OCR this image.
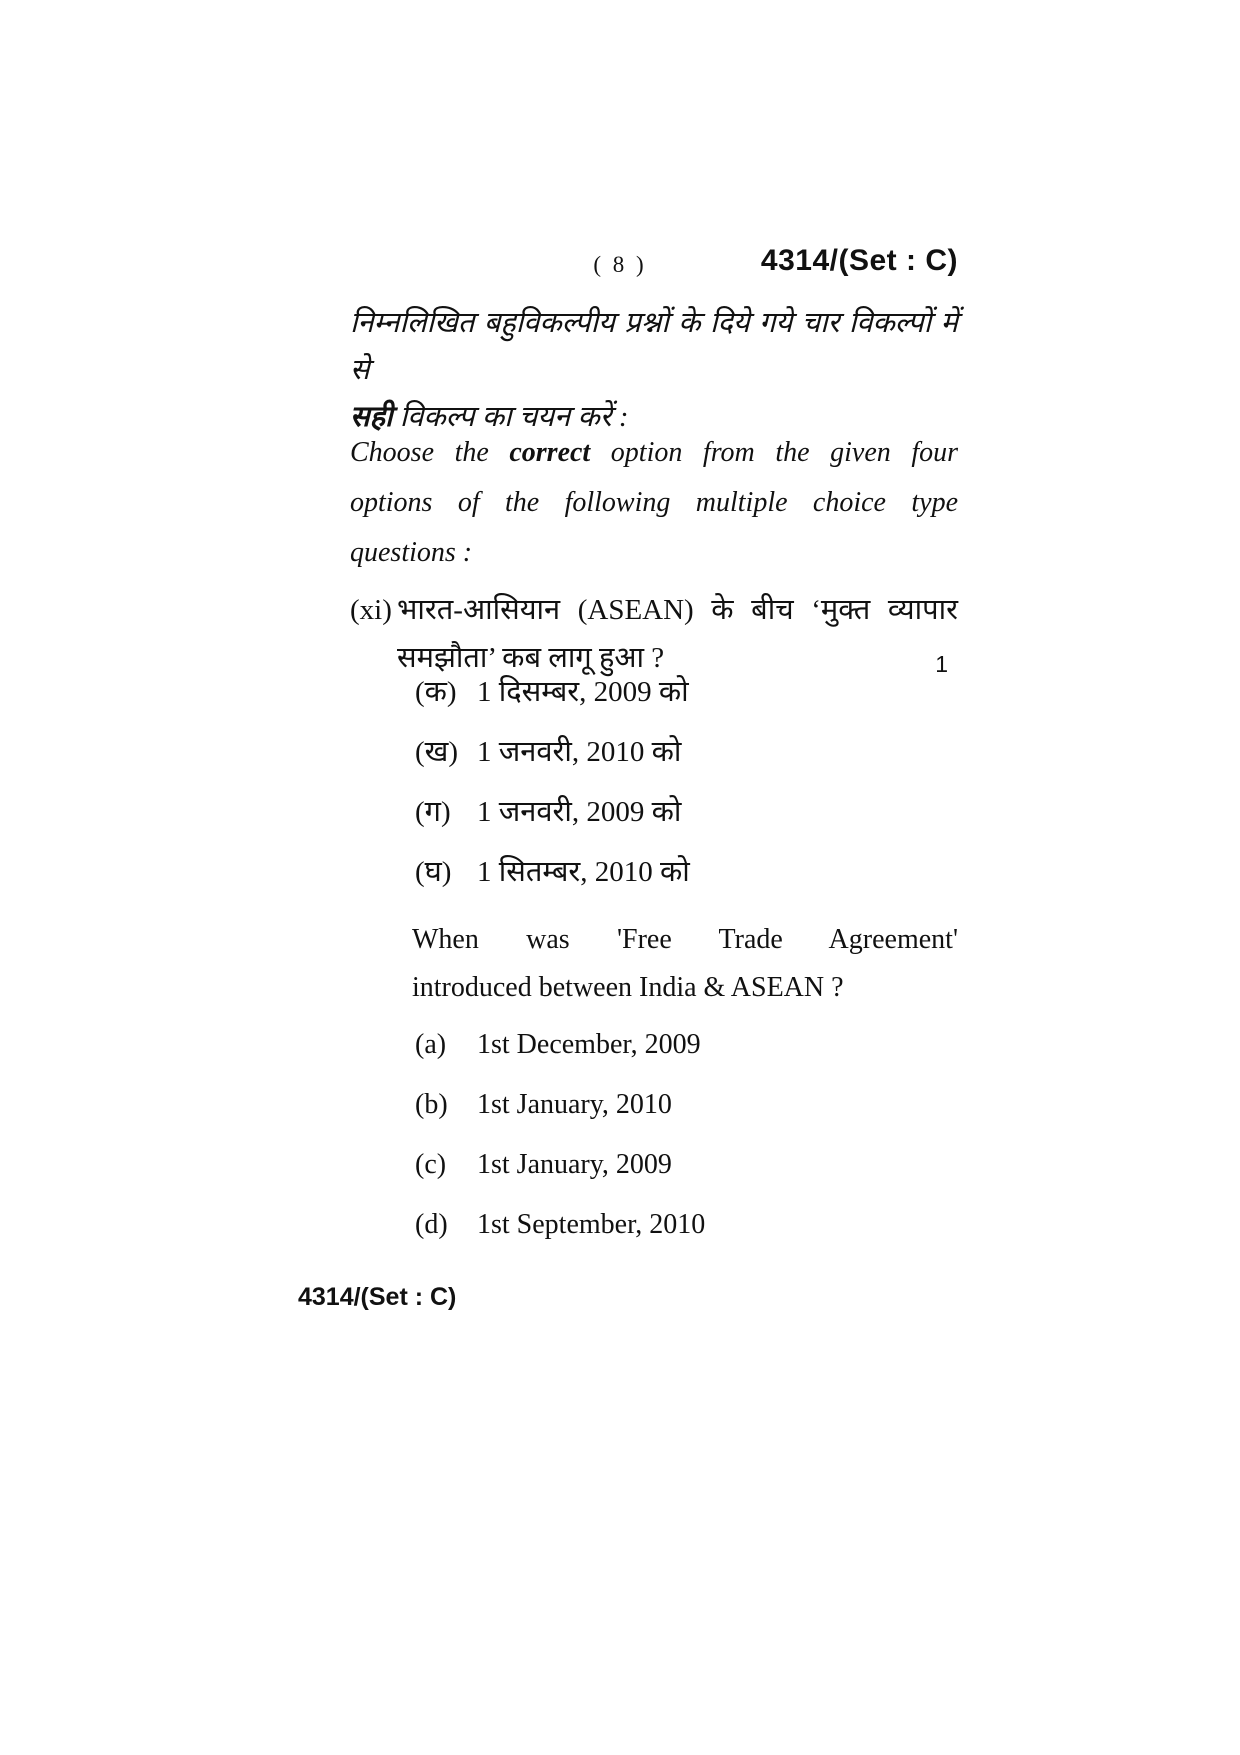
( 8 )	4314/(Set : C)
निम्नलिखित बहुविकल्पीय प्रश्नों के दिये गये चार विकल्पों में से
सही विकल्प का चयन करें :
Choose the correct option from the given four
options of the following multiple choice type
questions :
(xi) भारत-आसियान (ASEAN) के बीच ‘मुक्त व्यापार
समझौता’ कब लागू हुआ ?	1
(क) 1 दिसम्बर, 2009 को
(ख) 1 जनवरी, 2010 को
(ग) 1 जनवरी, 2009 को
(घ) 1 सितम्बर, 2010 को
When was 'Free Trade Agreement'
introduced between India & ASEAN ?
(a)	1st December, 2009
(b)	1st January, 2010
(c)	1st January, 2009
(d)	1st September, 2010
4314/(Set : C)
